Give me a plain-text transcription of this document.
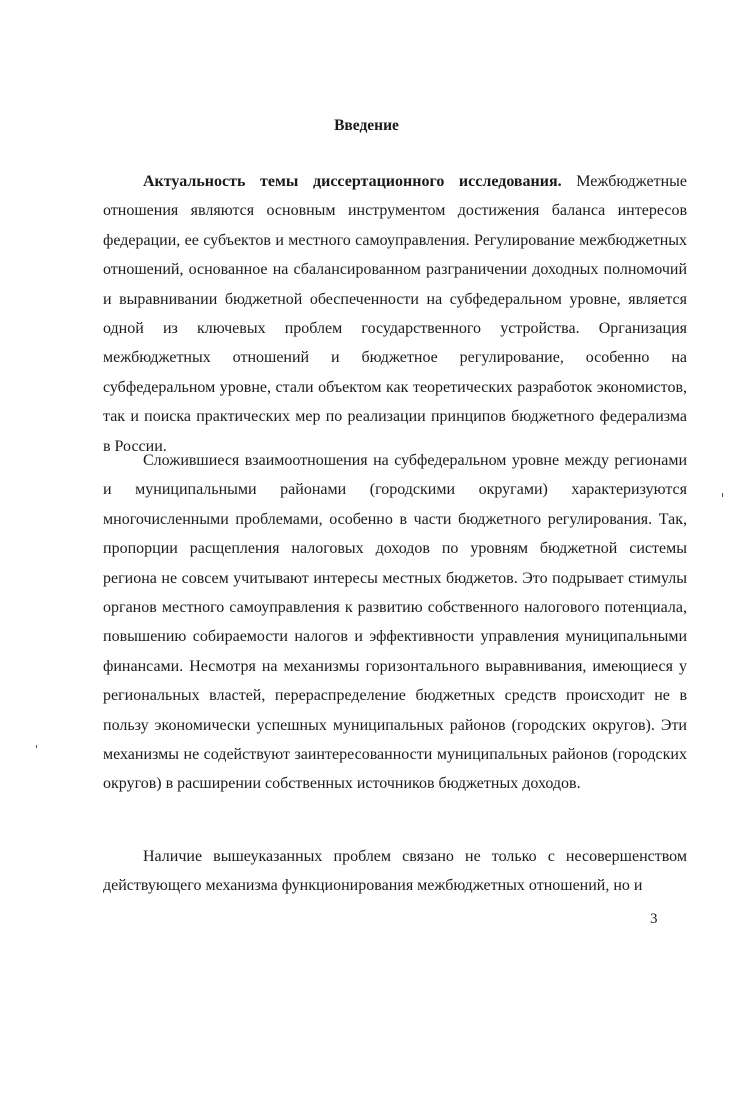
Введение

Актуальность темы диссертационного исследования. Межбюджетные отношения являются основным инструментом достижения баланса интересов федерации, ее субъектов и местного самоуправления. Регулирование межбюджетных отношений, основанное на сбалансированном разграничении доходных полномочий и выравнивании бюджетной обеспеченности на субфедеральном уровне, является одной из ключевых проблем государственного устройства. Организация межбюджетных отношений и бюджетное регулирование, особенно на субфедеральном уровне, стали объектом как теоретических разработок экономистов, так и поиска практических мер по реализации принципов бюджетного федерализма в России.

Сложившиеся взаимоотношения на субфедеральном уровне между регионами и муниципальными районами (городскими округами) характеризуются многочисленными проблемами, особенно в части бюджетного регулирования. Так, пропорции расщепления налоговых доходов по уровням бюджетной системы региона не совсем учитывают интересы местных бюджетов. Это подрывает стимулы органов местного самоуправления к развитию собственного налогового потенциала, повышению собираемости налогов и эффективности управления муниципальными финансами. Несмотря на механизмы горизонтального выравнивания, имеющиеся у региональных властей, перераспределение бюджетных средств происходит не в пользу экономически успешных муниципальных районов (городских округов). Эти механизмы не содействуют заинтересованности муниципальных районов (городских округов) в расширении собственных источников бюджетных доходов.

Наличие вышеуказанных проблем связано не только с несовершенством действующего механизма функционирования межбюджетных отношений, но и

3
